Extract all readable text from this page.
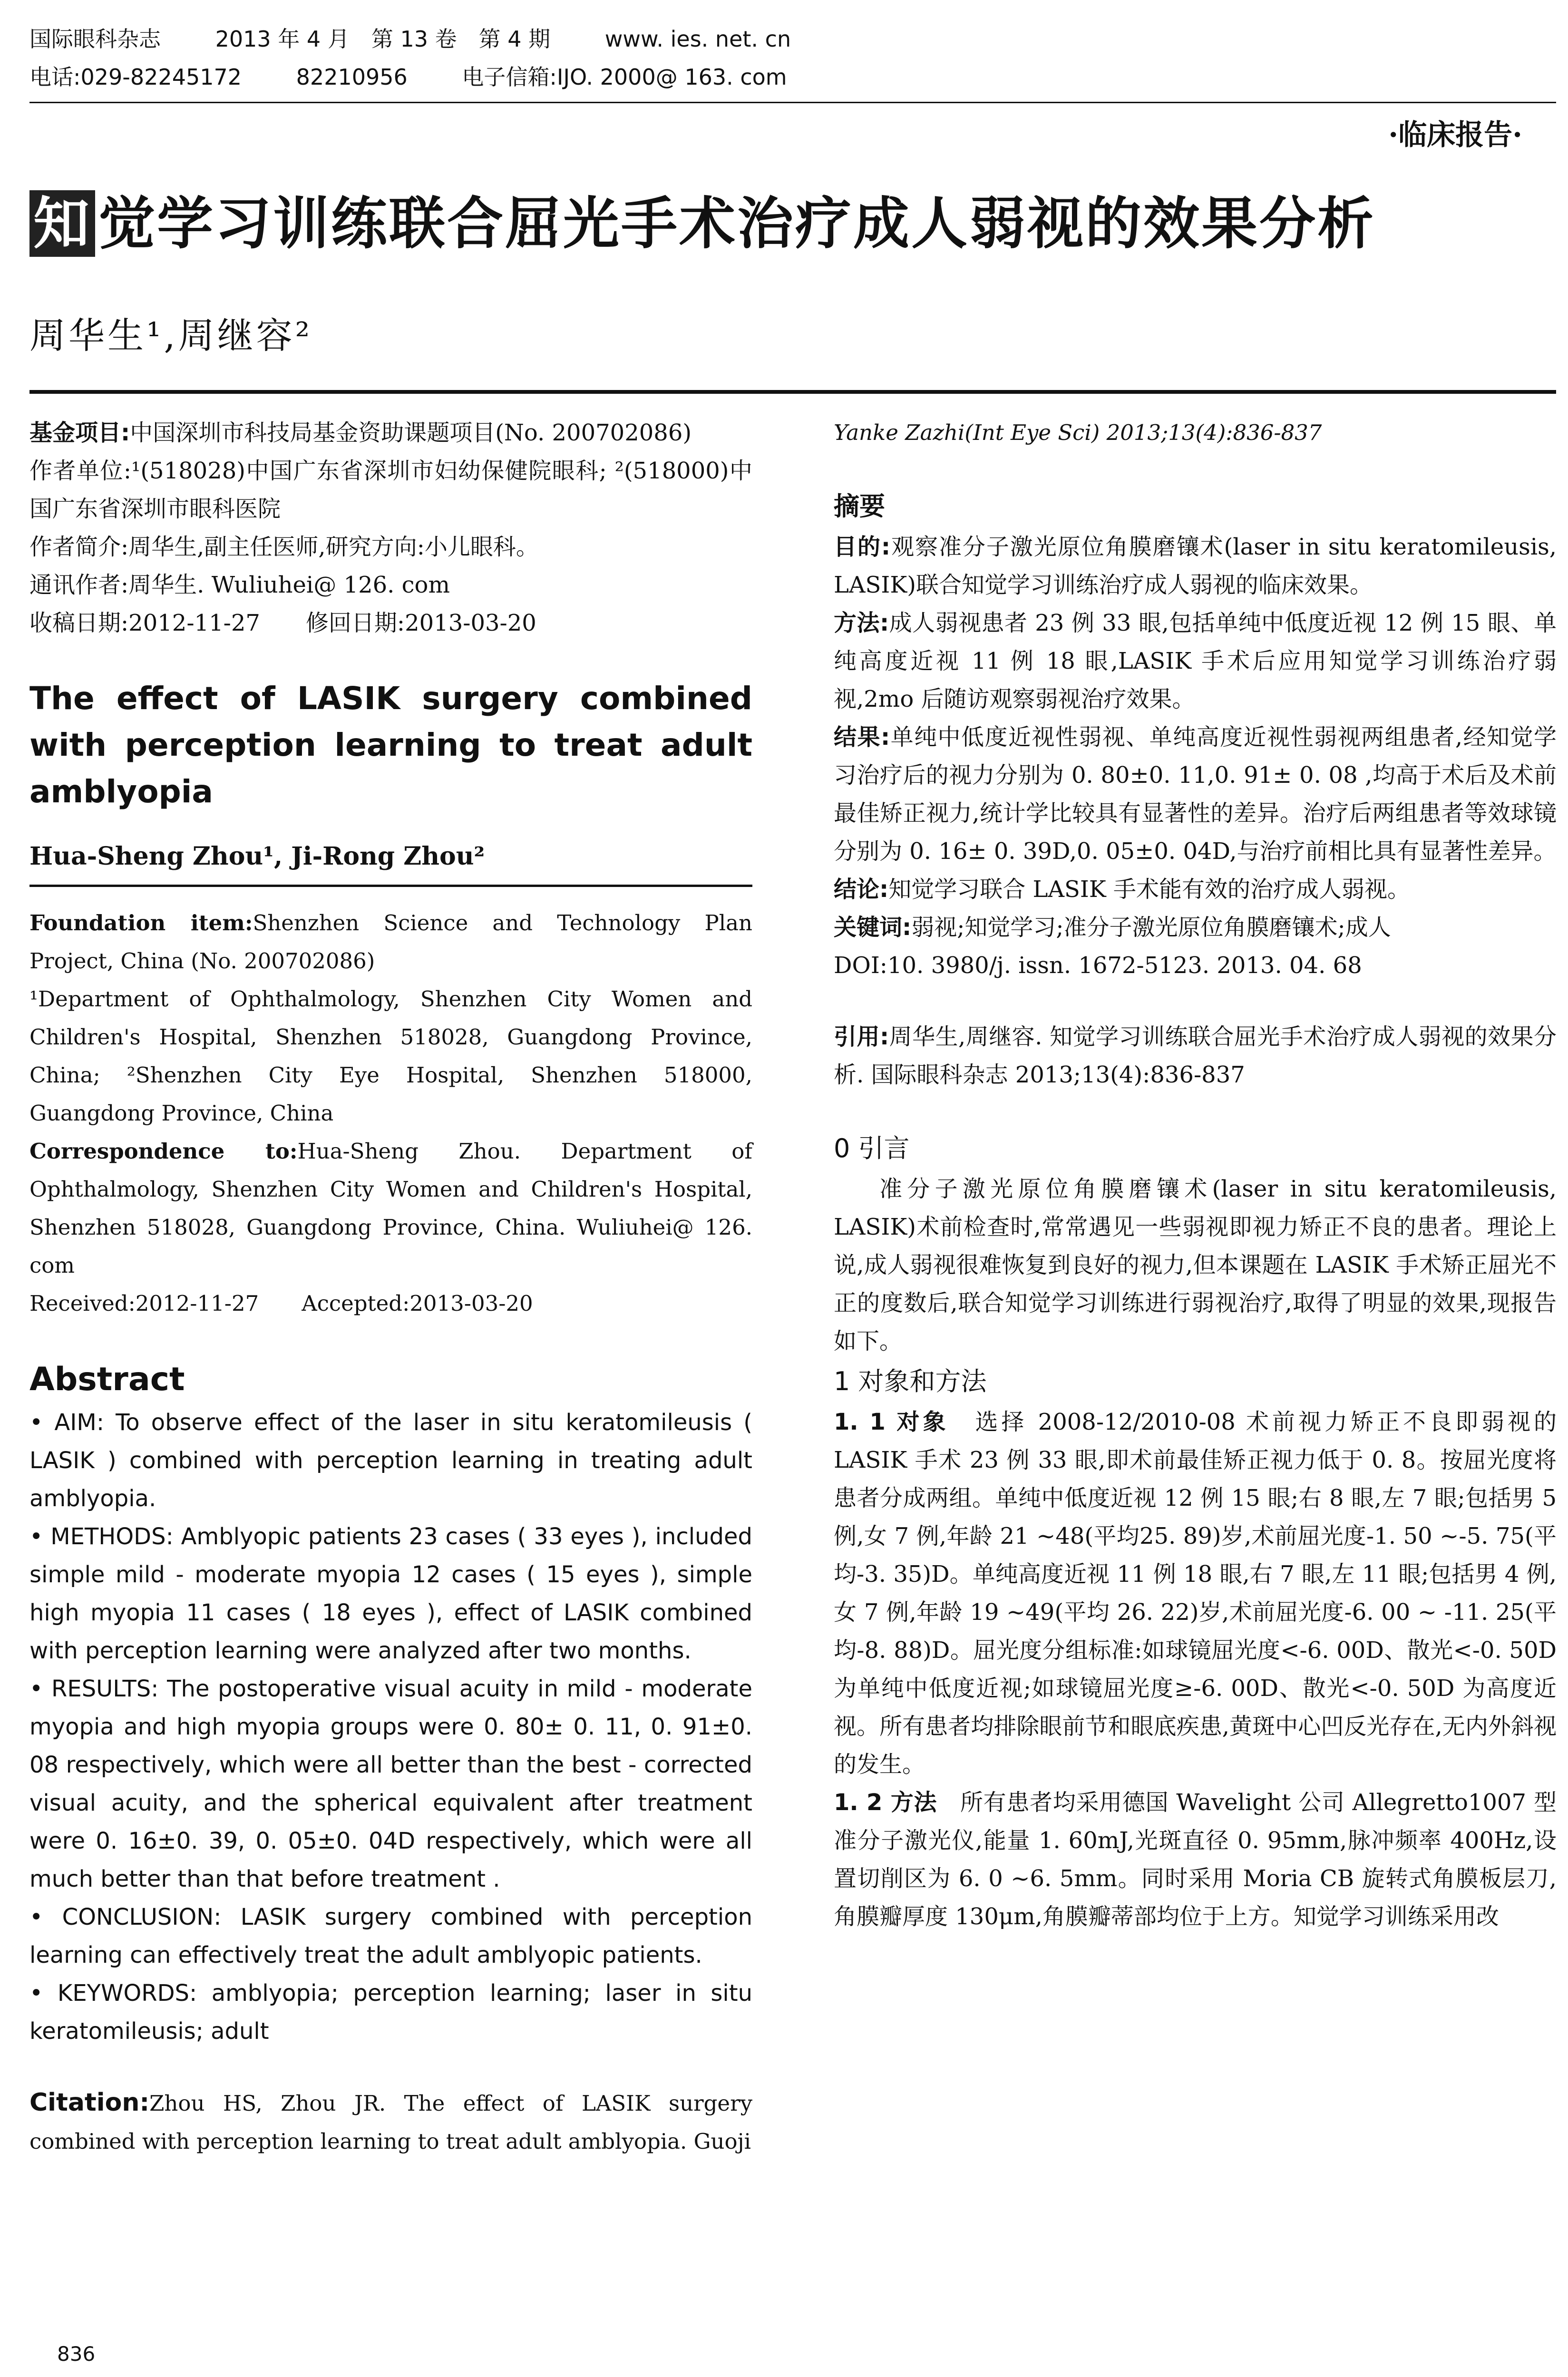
国际眼科杂志 2013 年 4 月　第 13 卷　第 4 期 www. ies. net. cn
电话:029-82245172 82210956 电子信箱:IJO. 2000@ 163. com
·临床报告·
知 觉学习训练联合屈光手术治疗成人弱视的效果分析
周华生¹,周继容²

基金项目:中国深圳市科技局基金资助课题项目(No. 200702086)

作者单位:¹(518028)中国广东省深圳市妇幼保健院眼科; ²(518000)中国广东省深圳市眼科医院

作者简介:周华生,副主任医师,研究方向:小儿眼科。

通讯作者:周华生. Wuliuhei@ 126. com

收稿日期:2012-11-27　　修回日期:2013-03-20

The effect of LASIK surgery combined with perception learning to treat adult amblyopia

Hua-Sheng Zhou¹, Ji-Rong Zhou²

Foundation item:Shenzhen Science and Technology Plan Project, China (No. 200702086)

¹Department of Ophthalmology, Shenzhen City Women and Children's Hospital, Shenzhen 518028, Guangdong Province, China; ²Shenzhen City Eye Hospital, Shenzhen 518000, Guangdong Province, China

Correspondence to:Hua-Sheng Zhou. Department of Ophthalmology, Shenzhen City Women and Children's Hospital, Shenzhen 518028, Guangdong Province, China. Wuliuhei@ 126. com

Received:2012-11-27　　Accepted:2013-03-20

Abstract

• AIM: To observe effect of the laser in situ keratomileusis ( LASIK ) combined with perception learning in treating adult amblyopia.

• METHODS: Amblyopic patients 23 cases ( 33 eyes ), included simple mild - moderate myopia 12 cases ( 15 eyes ), simple high myopia 11 cases ( 18 eyes ), effect of LASIK combined with perception learning were analyzed after two months.

• RESULTS: The postoperative visual acuity in mild - moderate myopia and high myopia groups were 0. 80± 0. 11, 0. 91±0. 08 respectively, which were all better than the best - corrected visual acuity, and the spherical equivalent after treatment were 0. 16±0. 39, 0. 05±0. 04D respectively, which were all much better than that before treatment .

• CONCLUSION: LASIK surgery combined with perception learning can effectively treat the adult amblyopic patients.

• KEYWORDS: amblyopia; perception learning; laser in situ keratomileusis; adult

Citation:Zhou HS, Zhou JR. The effect of LASIK surgery combined with perception learning to treat adult amblyopia. Guoji

Yanke Zazhi(Int Eye Sci) 2013;13(4):836-837

摘要

目的:观察准分子激光原位角膜磨镶术(laser in situ keratomileusis, LASIK)联合知觉学习训练治疗成人弱视的临床效果。

方法:成人弱视患者 23 例 33 眼,包括单纯中低度近视 12 例 15 眼、单纯高度近视 11 例 18 眼,LASIK 手术后应用知觉学习训练治疗弱视,2mo 后随访观察弱视治疗效果。

结果:单纯中低度近视性弱视、单纯高度近视性弱视两组患者,经知觉学习治疗后的视力分别为 0. 80±0. 11,0. 91± 0. 08 ,均高于术后及术前最佳矫正视力,统计学比较具有显著性的差异。治疗后两组患者等效球镜分别为 0. 16± 0. 39D,0. 05±0. 04D,与治疗前相比具有显著性差异。

结论:知觉学习联合 LASIK 手术能有效的治疗成人弱视。

关键词:弱视;知觉学习;准分子激光原位角膜磨镶术;成人

DOI:10. 3980/j. issn. 1672-5123. 2013. 04. 68

引用:周华生,周继容. 知觉学习训练联合屈光手术治疗成人弱视的效果分析. 国际眼科杂志 2013;13(4):836-837

0 引言

准分子激光原位角膜磨镶术(laser in situ keratomileusis, LASIK)术前检查时,常常遇见一些弱视即视力矫正不良的患者。理论上说,成人弱视很难恢复到良好的视力,但本课题在 LASIK 手术矫正屈光不正的度数后,联合知觉学习训练进行弱视治疗,取得了明显的效果,现报告如下。

1 对象和方法

1. 1 对象　 选择 2008-12/2010-08 术前视力矫正不良即弱视的 LASIK 手术 23 例 33 眼,即术前最佳矫正视力低于 0. 8。按屈光度将患者分成两组。单纯中低度近视 12 例 15 眼;右 8 眼,左 7 眼;包括男 5 例,女 7 例,年龄 21 ~48(平均25. 89)岁,术前屈光度-1. 50 ~-5. 75(平均-3. 35)D。单纯高度近视 11 例 18 眼,右 7 眼,左 11 眼;包括男 4 例,女 7 例,年龄 19 ~49(平均 26. 22)岁,术前屈光度-6. 00 ~ -11. 25(平均-8. 88)D。屈光度分组标准:如球镜屈光度<-6. 00D、散光<-0. 50D 为单纯中低度近视;如球镜屈光度≥-6. 00D、散光<-0. 50D 为高度近视。所有患者均排除眼前节和眼底疾患,黄斑中心凹反光存在,无内外斜视的发生。

1. 2 方法　 所有患者均采用德国 Wavelight 公司 Allegretto1007 型准分子激光仪,能量 1. 60mJ,光斑直径 0. 95mm,脉冲频率 400Hz,设置切削区为 6. 0 ~6. 5mm。同时采用 Moria CB 旋转式角膜板层刀,角膜瓣厚度 130μm,角膜瓣蒂部均位于上方。知觉学习训练采用改

836
